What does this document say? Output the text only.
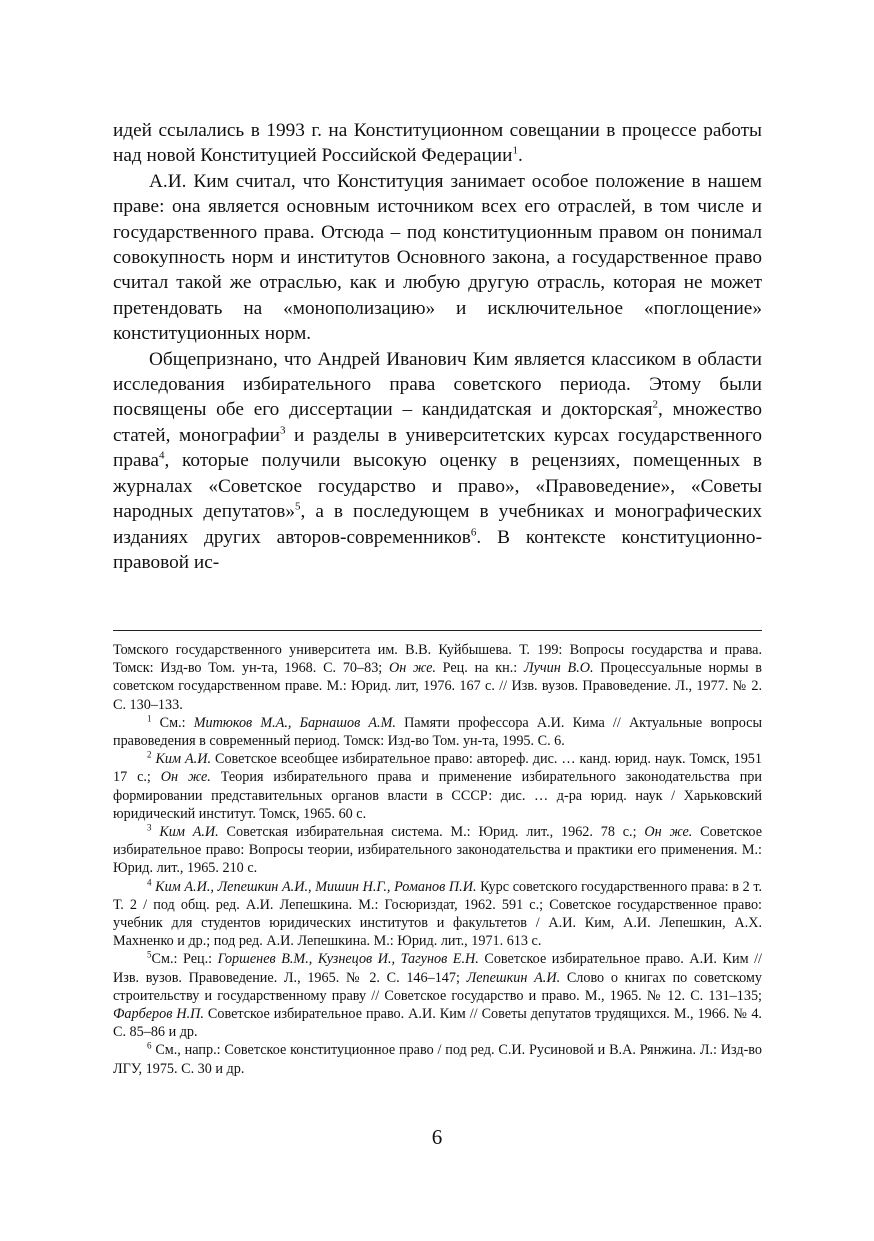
идей ссылались в 1993 г. на Конституционном совещании в процессе работы над новой Конституцией Российской Федерации$^1$.

А.И. Ким считал, что Конституция занимает особое положение в нашем праве: она является основным источником всех его отраслей, в том числе и государственного права. Отсюда – под конституционным правом он понимал совокупность норм и институтов Основного закона, а государственное право считал такой же отраслью, как и любую другую отрасль, которая не может претендовать на «монополизацию» и исключительное «поглощение» конституционных норм.

Общепризнано, что Андрей Иванович Ким является классиком в области исследования избирательного права советского периода. Этому были посвящены обе его диссертации – кандидатская и докторская$^2$, множество статей, монографии$^3$ и разделы в университетских курсах государственного права$^4$, которые получили высокую оценку в рецензиях, помещенных в журналах «Советское государство и право», «Правоведение», «Советы народных депутатов»$^5$, а в последующем в учебниках и монографических изданиях других авторов-современников$^6$. В контексте конституционно-правовой ис-

Томского государственного университета им. В.В. Куйбышева. Т. 199: Вопросы государства и права. Томск: Изд-во Том. ун-та, 1968. С. 70–83; Он же. Рец. на кн.: Лучин В.О. Процессуальные нормы в советском государственном праве. М.: Юрид. лит, 1976. 167 с. // Изв. вузов. Правоведение. Л., 1977. № 2. С. 130–133.

$^1$ См.: Митюков М.А., Барнашов А.М. Памяти профессора А.И. Кима // Актуальные вопросы правоведения в современный период. Томск: Изд-во Том. ун-та, 1995. С. 6.

$^2$ Ким А.И. Советское всеобщее избирательное право: автореф. дис. … канд. юрид. наук. Томск, 1951 17 с.; Он же. Теория избирательного права и применение избирательного законодательства при формировании представительных органов власти в СССР: дис. … д-ра юрид. наук / Харьковский юридический институт. Томск, 1965. 60 с.

$^3$ Ким А.И. Советская избирательная система. М.: Юрид. лит., 1962. 78 с.; Он же. Советское избирательное право: Вопросы теории, избирательного законодательства и практики его применения. М.: Юрид. лит., 1965. 210 с.

$^4$ Ким А.И., Лепешкин А.И., Мишин Н.Г., Романов П.И. Курс советского государственного права: в 2 т. Т. 2 / под общ. ред. А.И. Лепешкина. М.: Госюриздат, 1962. 591 с.; Советское государственное право: учебник для студентов юридических институтов и факультетов / А.И. Ким, А.И. Лепешкин, А.Х. Махненко и др.; под ред. А.И. Лепешкина. М.: Юрид. лит., 1971. 613 с.

$^5$См.: Рец.: Горшенев В.М., Кузнецов И., Тагунов Е.Н. Советское избирательное право. А.И. Ким // Изв. вузов. Правоведение. Л., 1965. № 2. С. 146–147; Лепешкин А.И. Слово о книгах по советскому строительству и государственному праву // Советское государство и право. М., 1965. № 12. С. 131–135; Фарберов Н.П. Советское избирательное право. А.И. Ким // Советы депутатов трудящихся. М., 1966. № 4. С. 85–86 и др.

$^6$ См., напр.: Советское конституционное право / под ред. С.И. Русиновой и В.А. Рянжина. Л.: Изд-во ЛГУ, 1975. С. 30 и др.

6
